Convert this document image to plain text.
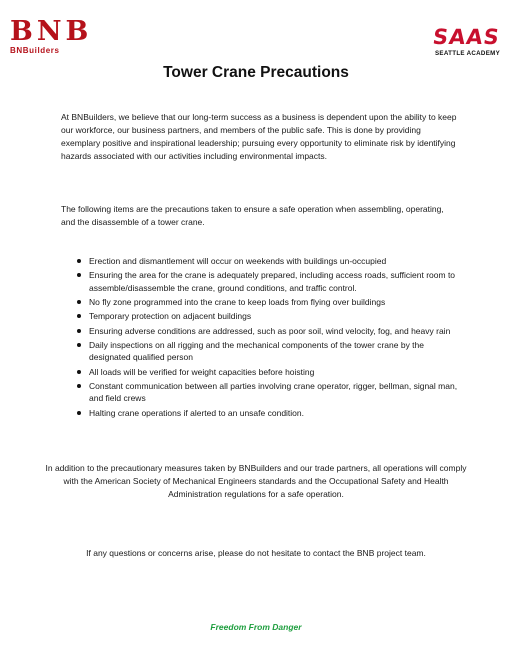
BNB
BNBuilders
SAAS
SEATTLE ACADEMY
Tower Crane Precautions
At BNBuilders, we believe that our long-term success as a business is dependent upon the ability to keep our workforce, our business partners, and members of the public safe. This is done by providing exemplary positive and inspirational leadership; pursuing every opportunity to eliminate risk by identifying hazards associated with our activities including environmental impacts.
The following items are the precautions taken to ensure a safe operation when assembling, operating, and the disassemble of a tower crane.
Erection and dismantlement will occur on weekends with buildings un-occupied
Ensuring the area for the crane is adequately prepared, including access roads, sufficient room to assemble/disassemble the crane, ground conditions, and traffic control.
No fly zone programmed into the crane to keep loads from flying over buildings
Temporary protection on adjacent buildings
Ensuring adverse conditions are addressed, such as poor soil, wind velocity, fog, and heavy rain
Daily inspections on all rigging and the mechanical components of the tower crane by the designated qualified person
All loads will be verified for weight capacities before hoisting
Constant communication between all parties involving crane operator, rigger, bellman, signal man, and field crews
Halting crane operations if alerted to an unsafe condition.
In addition to the precautionary measures taken by BNBuilders and our trade partners, all operations will comply with the American Society of Mechanical Engineers standards and the Occupational Safety and Health Administration regulations for a safe operation.
If any questions or concerns arise, please do not hesitate to contact the BNB project team.
Freedom From Danger
